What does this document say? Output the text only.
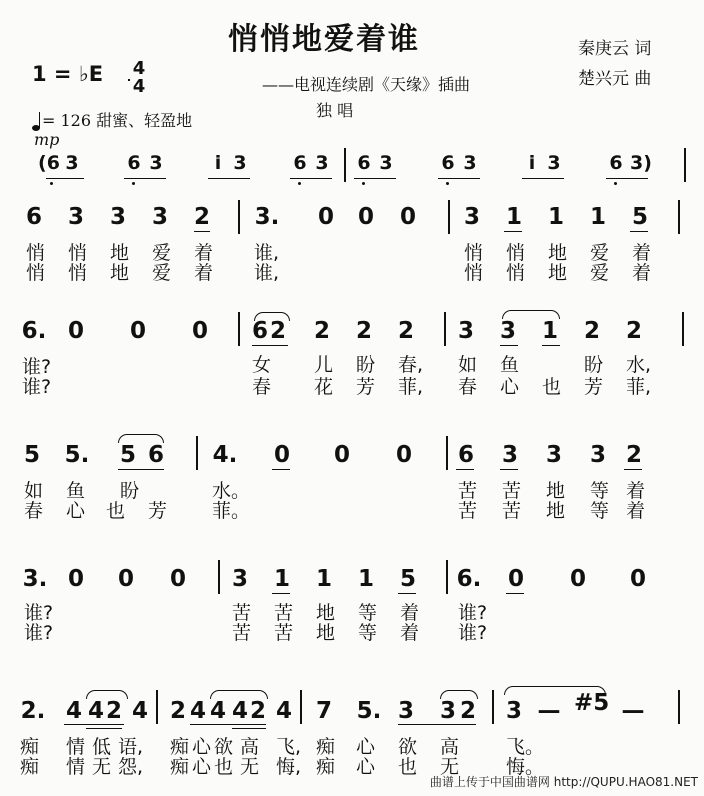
悄悄地爱着谁	秦庚云 词
楚兴元 曲
1 = ♭E 4
4	——电视连续剧《天缘》插曲
独 唱
= 126 甜蜜、轻盈地
mp
(6 3	6 3	i 3 6 3 6 3	6 3	i 3	6 3)
6 3 3 3 2 3. 0 0 0 3 1 1 1 5
悄 悄 地 爱 着 谁,	悄 悄 地 爱 着
悄 悄 地 爱 着 谁,	悄 悄 地 爱 着
6. 0 0 0 6 2 2 2 2 3 3 1 2 2
谁?	女 儿 盼 春, 如 鱼	盼 水,
谁?	春 花 芳 菲, 春 心 也 芳 菲,
5 5. 5 6 4. 0 0 0 6 3 3 3 2
如 鱼 盼	水。	苦 苦 地 等 着
春 心 也 芳 菲。	苦 苦 地 等 着
3. 0 0 0 3 1 1 1 5 6. 0 0 0
谁?	苦 苦 地 等 着 谁?
谁?	苦 苦 地 等 着 谁?
2. 4 4 2 4 2 4 4 4 2 4 7 5. 3 3 2 3 — #5 —
痴 情 低 语, 痴 心 欲 高 飞, 痴 心 欲 高 飞。
痴 情 无 怨, 痴 心 也 无 悔, 痴 心 也 无 悔。
曲谱上传于中国曲谱网 http://QUPU.HAO81.NET
